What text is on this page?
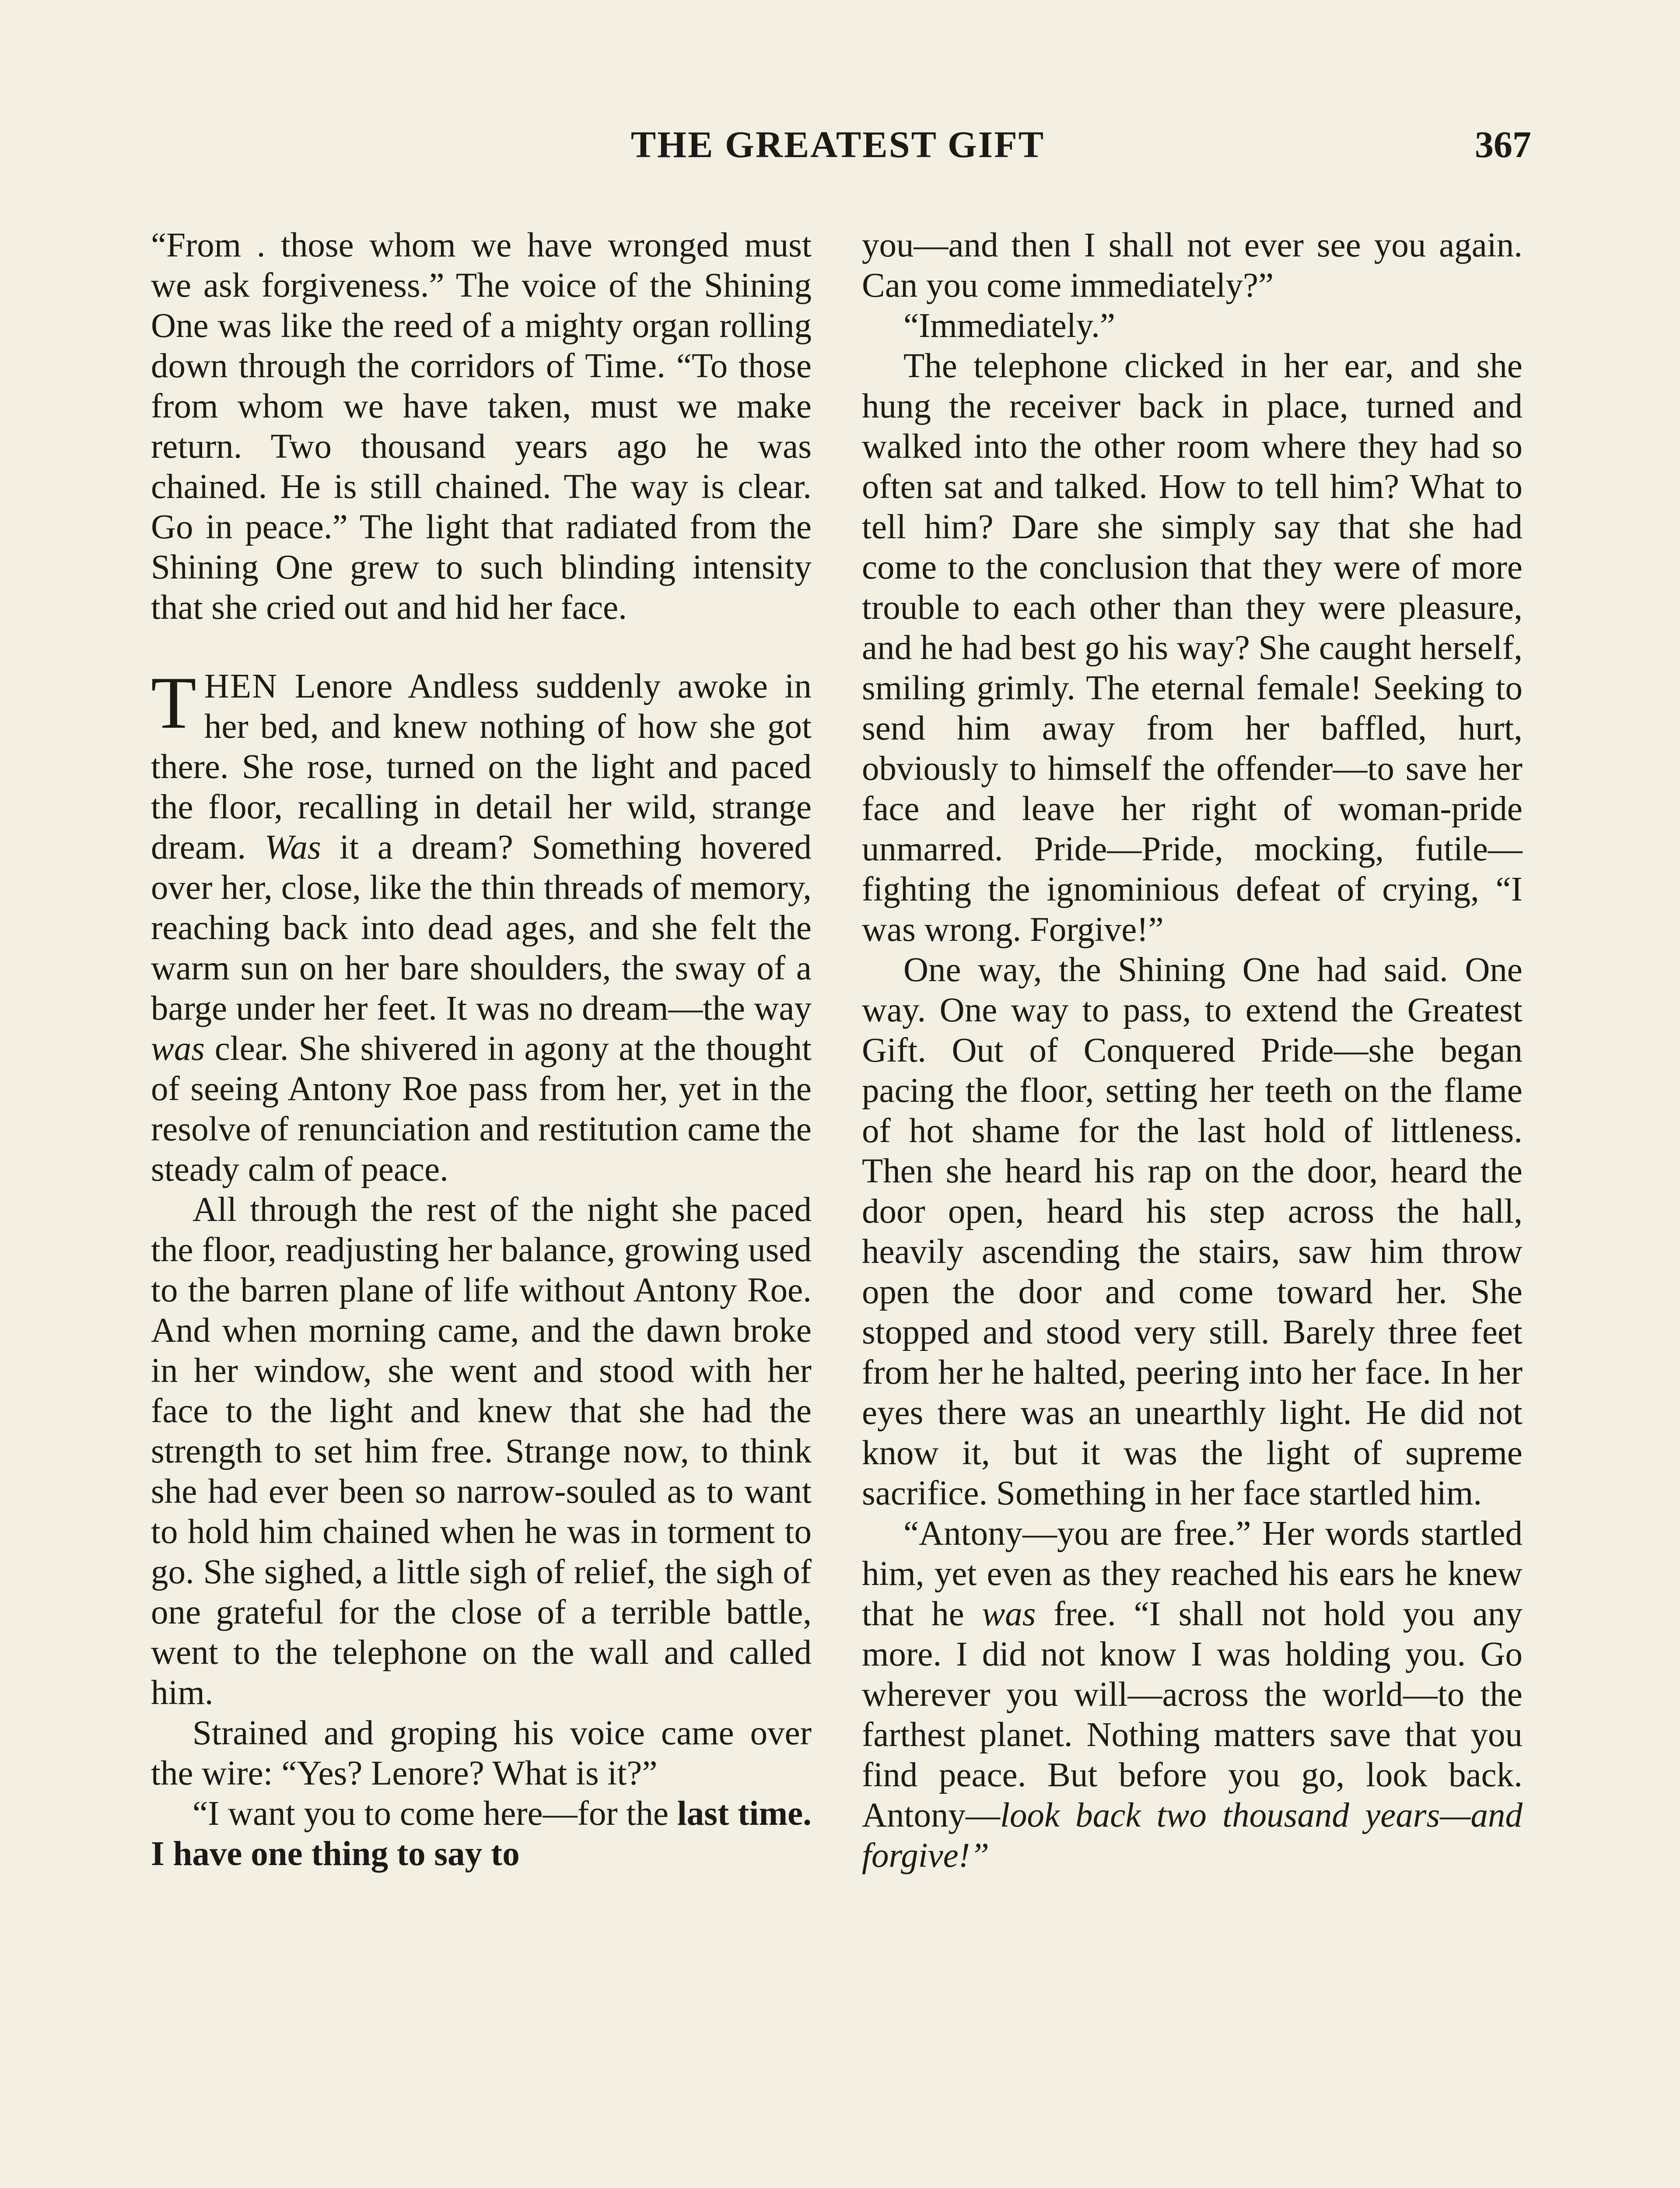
THE GREATEST GIFT	367

“From . those whom we have wronged must we ask forgiveness.” The voice of the Shining One was like the reed of a mighty organ rolling down through the corridors of Time. “To those from whom we have taken, must we make return. Two thousand years ago he was chained. He is still chained. The way is clear. Go in peace.” The light that radiated from the Shining One grew to such blinding intensity that she cried out and hid her face.

THEN Lenore Andless suddenly awoke in her bed, and knew nothing of how she got there. She rose, turned on the light and paced the floor, recalling in detail her wild, strange dream. Was it a dream? Something hovered over her, close, like the thin threads of memory, reaching back into dead ages, and she felt the warm sun on her bare shoulders, the sway of a barge under her feet. It was no dream—the way was clear. She shivered in agony at the thought of seeing Antony Roe pass from her, yet in the resolve of renunciation and restitution came the steady calm of peace.

All through the rest of the night she paced the floor, readjusting her balance, growing used to the barren plane of life without Antony Roe. And when morning came, and the dawn broke in her window, she went and stood with her face to the light and knew that she had the strength to set him free. Strange now, to think she had ever been so narrow-souled as to want to hold him chained when he was in torment to go. She sighed, a little sigh of relief, the sigh of one grateful for the close of a terrible battle, went to the telephone on the wall and called him.

Strained and groping his voice came over the wire: “Yes? Lenore? What is it?”

“I want you to come here—for the last time. I have one thing to say to

you—and then I shall not ever see you again. Can you come immediately?”

“Immediately.”

The telephone clicked in her ear, and she hung the receiver back in place, turned and walked into the other room where they had so often sat and talked. How to tell him? What to tell him? Dare she simply say that she had come to the conclusion that they were of more trouble to each other than they were pleasure, and he had best go his way? She caught herself, smiling grimly. The eternal female! Seeking to send him away from her baffled, hurt, obviously to himself the offender—to save her face and leave her right of woman-pride unmarred. Pride—Pride, mocking, futile—fighting the ignominious defeat of crying, “I was wrong. Forgive!”

One way, the Shining One had said. One way. One way to pass, to extend the Greatest Gift. Out of Conquered Pride—she began pacing the floor, setting her teeth on the flame of hot shame for the last hold of littleness. Then she heard his rap on the door, heard the door open, heard his step across the hall, heavily ascending the stairs, saw him throw open the door and come toward her. She stopped and stood very still. Barely three feet from her he halted, peering into her face. In her eyes there was an unearthly light. He did not know it, but it was the light of supreme sacrifice. Something in her face startled him.

“Antony—you are free.” Her words startled him, yet even as they reached his ears he knew that he was free. “I shall not hold you any more. I did not know I was holding you. Go wherever you will—across the world—to the farthest planet. Nothing matters save that you find peace. But before you go, look back. Antony—look back two thousand years—and forgive!”
